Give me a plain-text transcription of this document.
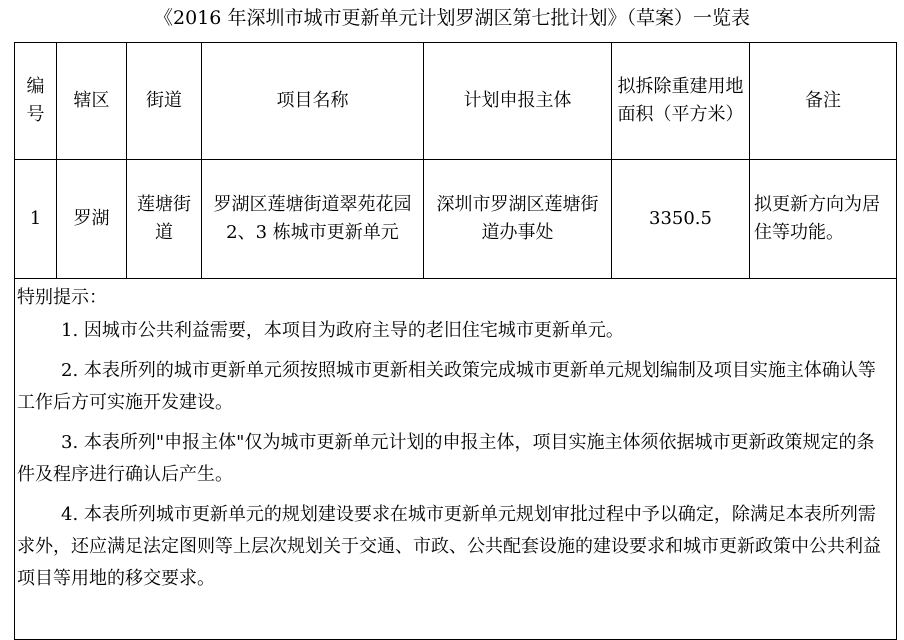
《2016 年深圳市城市更新单元计划罗湖区第七批计划》（草案）一览表
编号	辖区	街道	项目名称	计划申报主体	拟拆除重建用地面积（平方米）	备注
1	罗湖	莲塘街道	罗湖区莲塘街道翠苑花园 2、3 栋城市更新单元	深圳市罗湖区莲塘街道办事处	3350.5	拟更新方向为居住等功能。

特别提示：

1. 因城市公共利益需要，本项目为政府主导的老旧住宅城市更新单元。

2. 本表所列的城市更新单元须按照城市更新相关政策完成城市更新单元规划编制及项目实施主体确认等工作后方可实施开发建设。

3. 本表所列"申报主体"仅为城市更新单元计划的申报主体，项目实施主体须依据城市更新政策规定的条件及程序进行确认后产生。

4. 本表所列城市更新单元的规划建设要求在城市更新单元规划审批过程中予以确定，除满足本表所列需求外，还应满足法定图则等上层次规划关于交通、市政、公共配套设施的建设要求和城市更新政策中公共利益项目等用地的移交要求。						
